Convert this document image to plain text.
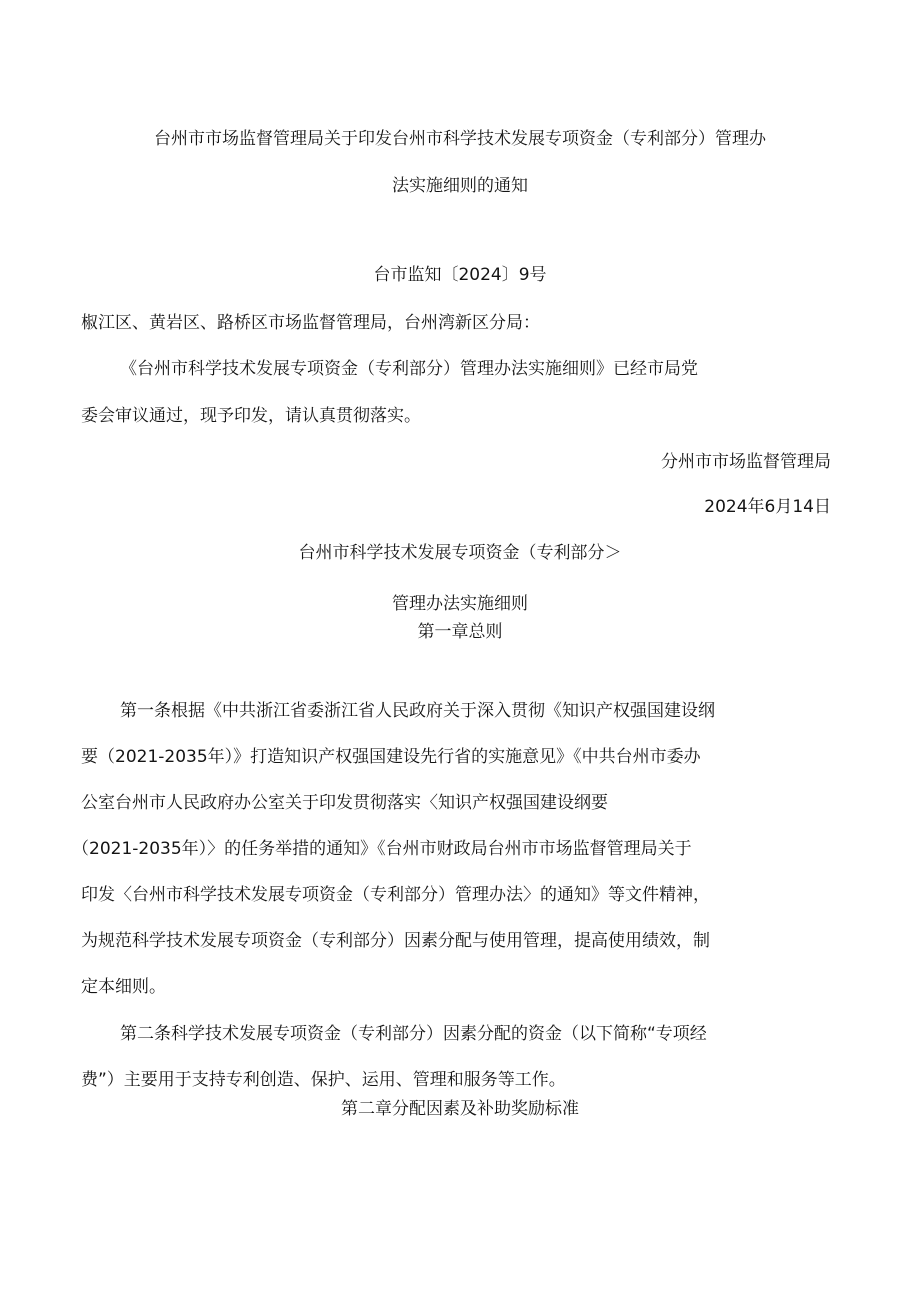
台州市市场监督管理局关于印发台州市科学技术发展专项资金（专利部分）管理办
法实施细则的通知
台市监知〔2024〕9号
椒江区、黄岩区、路桥区市场监督管理局，台州湾新区分局：
《台州市科学技术发展专项资金（专利部分）管理办法实施细则》已经市局党
委会审议通过，现予印发，请认真贯彻落实。
分州市市场监督管理局
2024年6月14日
台州市科学技术发展专项资金（专利部分＞
管理办法实施细则
第一章总则
第一条根据《中共浙江省委浙江省人民政府关于深入贯彻《知识产权强国建设纲
要（2021-2035年）》打造知识产权强国建设先行省的实施意见》《中共台州市委办
公室台州市人民政府办公室关于印发贯彻落实〈知识产权强国建设纲要
（2021-2035年）〉的任务举措的通知》《台州市财政局台州市市场监督管理局关于
印发〈台州市科学技术发展专项资金（专利部分）管理办法〉的通知》等文件精神，
为规范科学技术发展专项资金（专利部分）因素分配与使用管理，提高使用绩效，制
定本细则。
第二条科学技术发展专项资金（专利部分）因素分配的资金（以下简称“专项经
费”）主要用于支持专利创造、保护、运用、管理和服务等工作。
第二章分配因素及补助奖励标准
